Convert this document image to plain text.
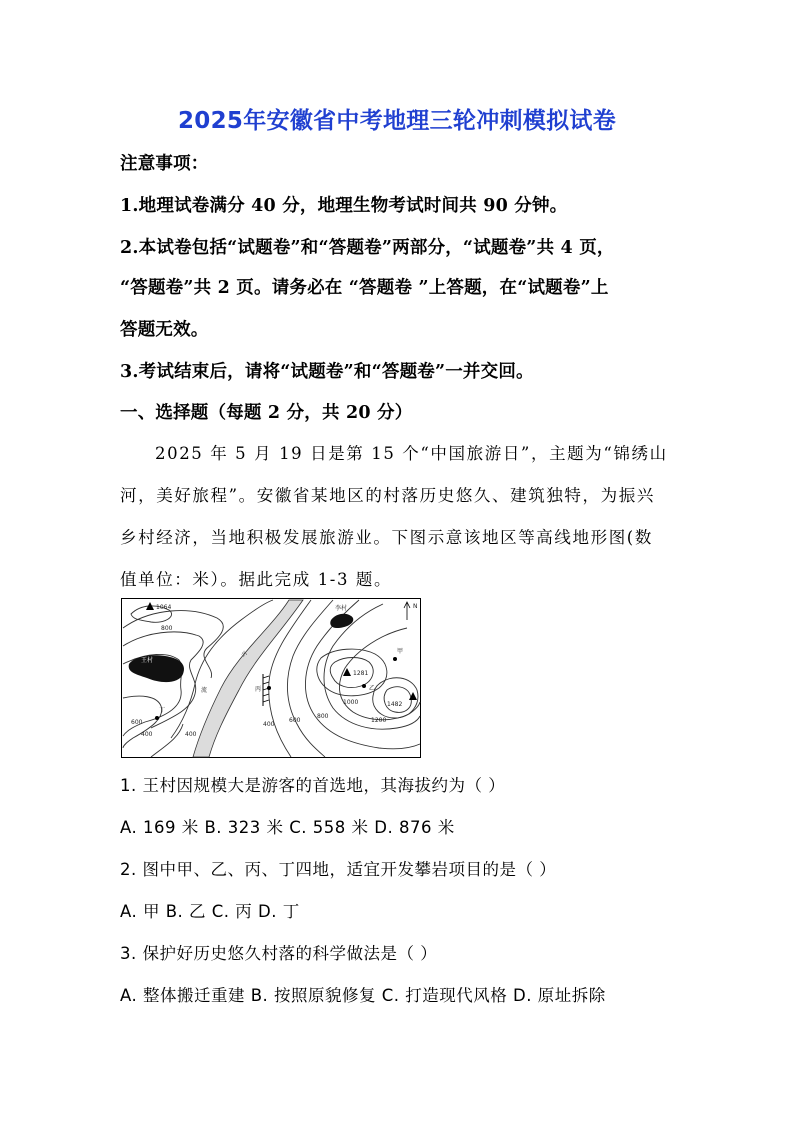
2025年安徽省中考地理三轮冲刺模拟试卷
注意事项：
1.地理试卷满分 40 分，地理生物考试时间共 90 分钟。
2.本试卷包括“试题卷”和“答题卷”两部分，“试题卷”共 4 页，
“答题卷”共 2 页。请务必在 “答题卷 ”上答题，在“试题卷”上
答题无效。
3.考试结束后，请将“试题卷”和“答题卷”一并交回。
一、选择题（每题 2 分，共 20 分）
2025 年 5 月 19 日是第 15 个“中国旅游日”，主题为“锦绣山
河，美好旅程”。安徽省某地区的村落历史悠久、建筑独特，为振兴
乡村经济，当地积极发展旅游业。下图示意该地区等高线地形图(数
值单位：米）。据此完成 1-3 题。
1064
1281
1482
王村
李村
甲
乙
丙
丁
小
流
N
800
800
600	600
400
400
400
1000
1200
1. 王村因规模大是游客的首选地，其海拔约为（ ）
A. 169 米 B. 323 米 C. 558 米 D. 876 米
2. 图中甲、乙、丙、丁四地，适宜开发攀岩项目的是（ ）
A. 甲 B. 乙 C. 丙 D. 丁
3. 保护好历史悠久村落的科学做法是（ ）
A. 整体搬迁重建 B. 按照原貌修复 C. 打造现代风格 D. 原址拆除
